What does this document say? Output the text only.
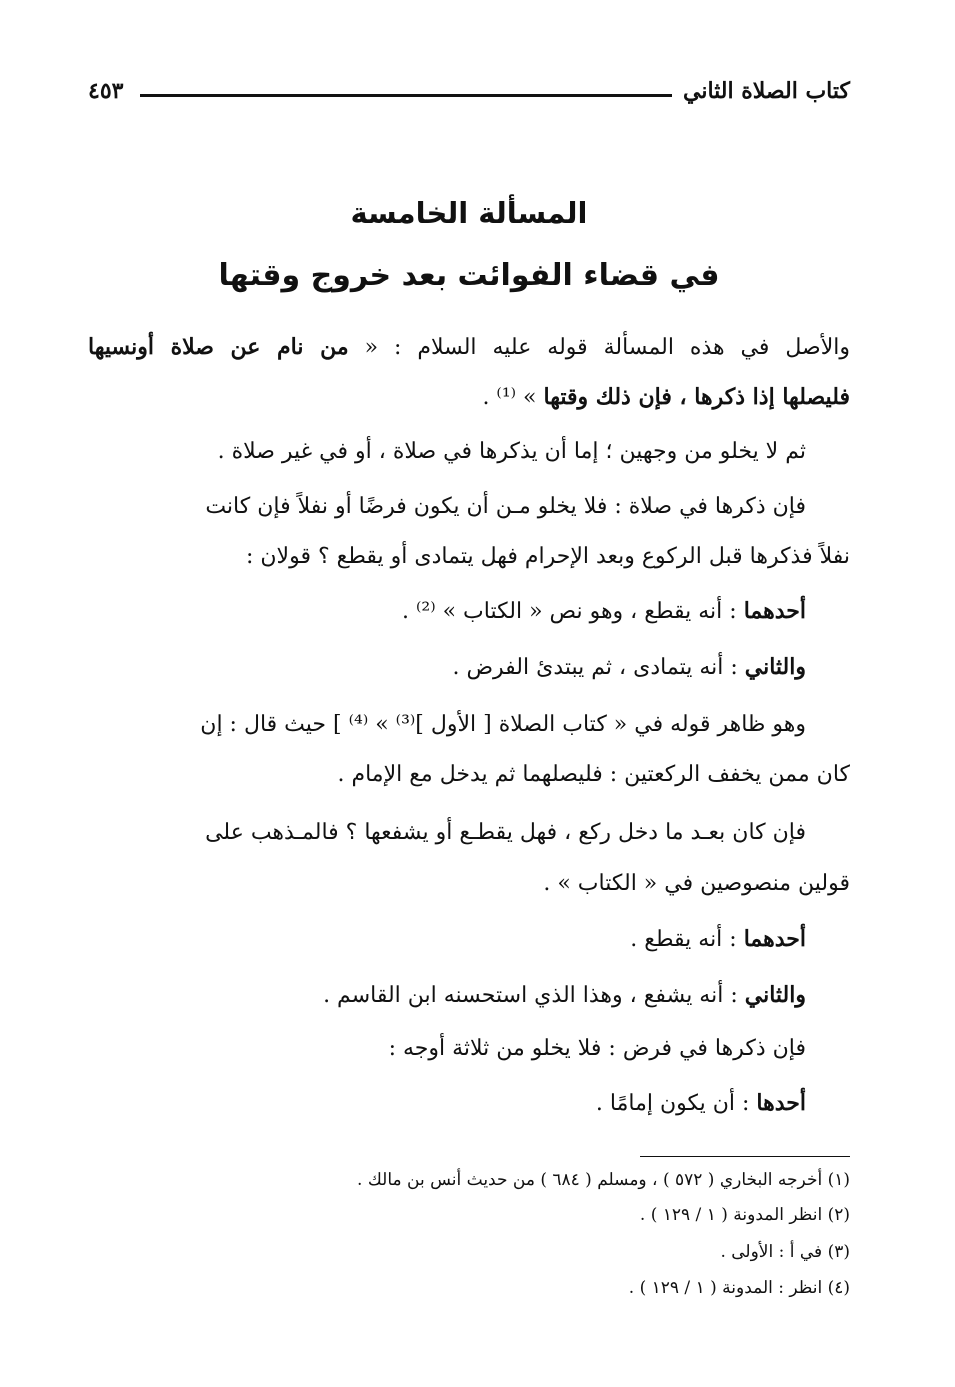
كتاب الصلاة الثاني
٤٥٣
المسألة الخامسة
في قضاء الفوائت بعد خروج وقتها
والأصل في هذه المسألة قوله عليه السلام : « من نام عن صلاة أونسيها
فليصلها إذا ذكرها ، فإن ذلك وقتها » ⁽¹⁾ .
ثم لا يخلو من وجهين ؛ إما أن يذكرها في صلاة ، أو في غير صلاة .
فإن ذكرها في صلاة : فلا يخلو مـن أن يكون فرضًا أو نفلاً فإن كانت
نفلاً فذكرها قبل الركوع وبعد الإحرام فهل يتمادى أو يقطع ؟ قولان :
أحدهما : أنه يقطع ، وهو نص « الكتاب » ⁽²⁾ .
والثاني : أنه يتمادى ، ثم يبتدئ الفرض .
وهو ظاهر قوله في « كتاب الصلاة [ الأول ]⁽³⁾ » ⁽⁴⁾ ] حيث قال : إن
كان ممن يخفف الركعتين : فليصلهما ثم يدخل مع الإمام .
فإن كان بعـد ما دخل ركع ، فهل يقطـع أو يشفعها ؟ فالمـذهب على
قولين منصوصين في « الكتاب » .
أحدهما : أنه يقطع .
والثاني : أنه يشفع ، وهذا الذي استحسنه ابن القاسم .
فإن ذكرها في فرض : فلا يخلو من ثلاثة أوجه :
أحدها : أن يكون إمامًا .
(١) أخرجه البخاري ( ٥٧٢ ) ، ومسلم ( ٦٨٤ ) من حديث أنس بن مالك .
(٢) انظر المدونة ( ١ / ١٢٩ ) .
(٣) في أ : الأولى .
(٤) انظر : المدونة ( ١ / ١٢٩ ) .
